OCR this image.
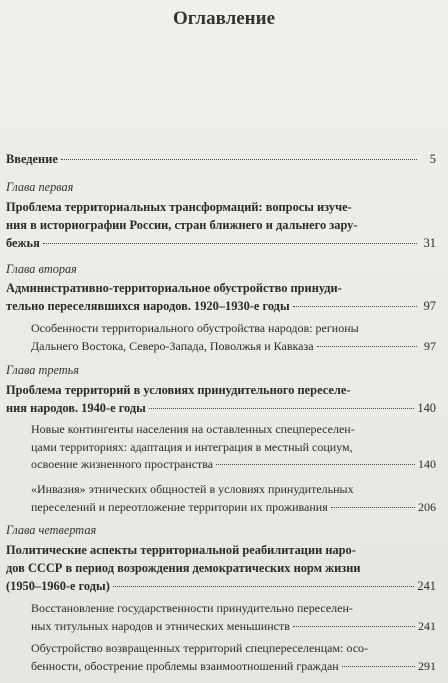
Оглавление
Введение	5
Глава первая
Проблема территориальных трансформаций: вопросы изуче-
ния в историографии России, стран ближнего и дальнего зару-
бежья	31
Глава вторая
Административно-территориальное обустройство принуди-
тельно переселявшихся народов. 1920–1930-е годы	97
Особенности территориального обустройства народов: регионы
Дальнего Востока, Северо-Запада, Поволжья и Кавказа	97
Глава третья
Проблема территорий в условиях принудительного переселе-
ния народов. 1940-е годы	140
Новые контингенты населения на оставленных спецпереселен-
цами территориях: адаптация и интеграция в местный социум,
освоение жизненного пространства	140
«Инвазия» этнических общностей в условиях принудительных
переселений и переотложение территории их проживания	206
Глава четвертая
Политические аспекты территориальной реабилитации наро-
дов СССР в период возрождения демократических норм жизни
(1950–1960-е годы)	241
Восстановление государственности принудительно переселен-
ных титульных народов и этнических меньшинств	241
Обустройство возвращенных территорий спецпереселенцам: осо-
бенности, обострение проблемы взаимоотношений граждан	291
